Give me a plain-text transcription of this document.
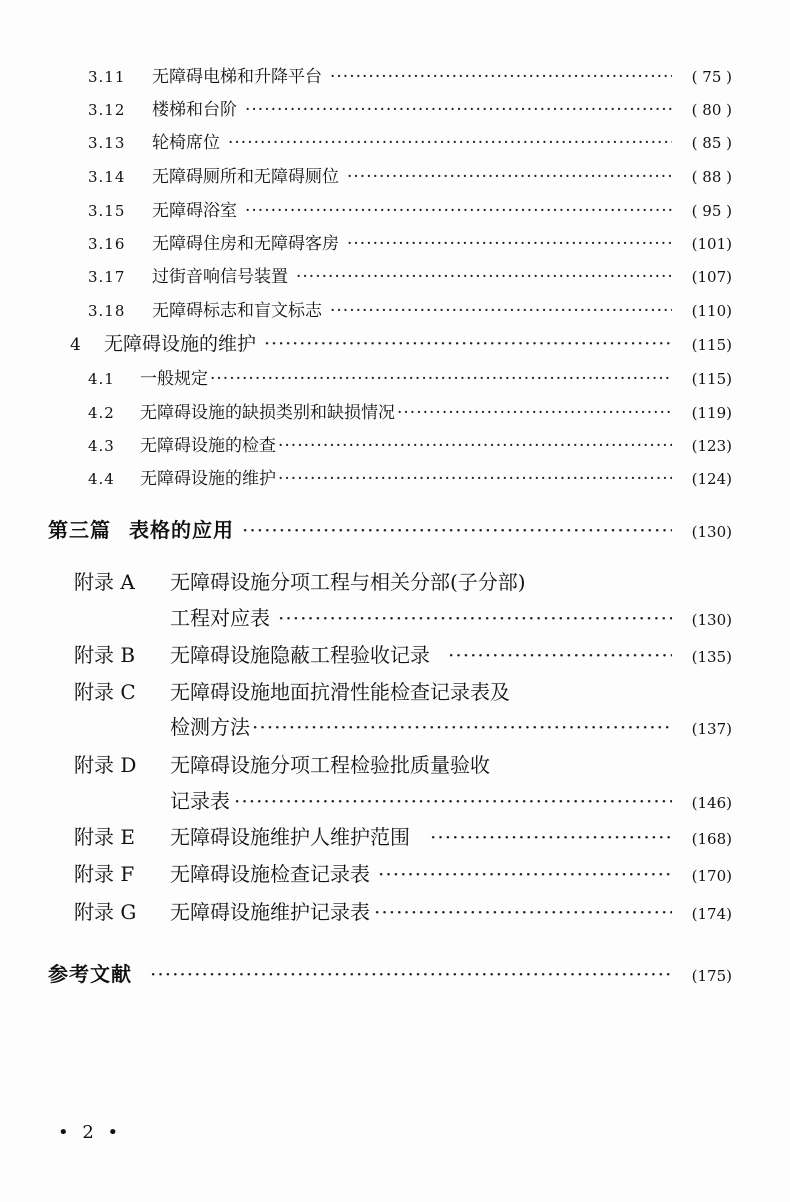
3.11	无障碍电梯和升降平台 ·····	( 75 )
3.12	楼梯和台阶 ·····	( 80 )
3.13	轮椅席位 ·····	( 85 )
3.14	无障碍厕所和无障碍厕位 ·····	( 88 )
3.15	无障碍浴室 ·····	( 95 )
3.16	无障碍住房和无障碍客房 ·····	(101)
3.17	过街音响信号装置 ·····	(107)
3.18	无障碍标志和盲文标志 ·····	(110)
4	无障碍设施的维护 ·····	(115)
4.1	一般规定 ·····	(115)
4.2	无障碍设施的缺损类别和缺损情况 ·····	(119)
4.3	无障碍设施的检查 ·····	(123)
4.4	无障碍设施的维护 ·····	(124)
第三篇 表格的应用 ·····	(130)
附录 A	无障碍设施分项工程与相关分部(子分部)
工程对应表 ·····	(130)
附录 B	无障碍设施隐蔽工程验收记录 ·····	(135)
附录 C	无障碍设施地面抗滑性能检查记录表及
检测方法 ·····	(137)
附录 D	无障碍设施分项工程检验批质量验收
记录表 ·····	(146)
附录 E	无障碍设施维护人维护范围 ·····	(168)
附录 F	无障碍设施检查记录表 ·····	(170)
附录 G	无障碍设施维护记录表 ·····	(174)
参考文献 ·····	(175)
• 2 •
